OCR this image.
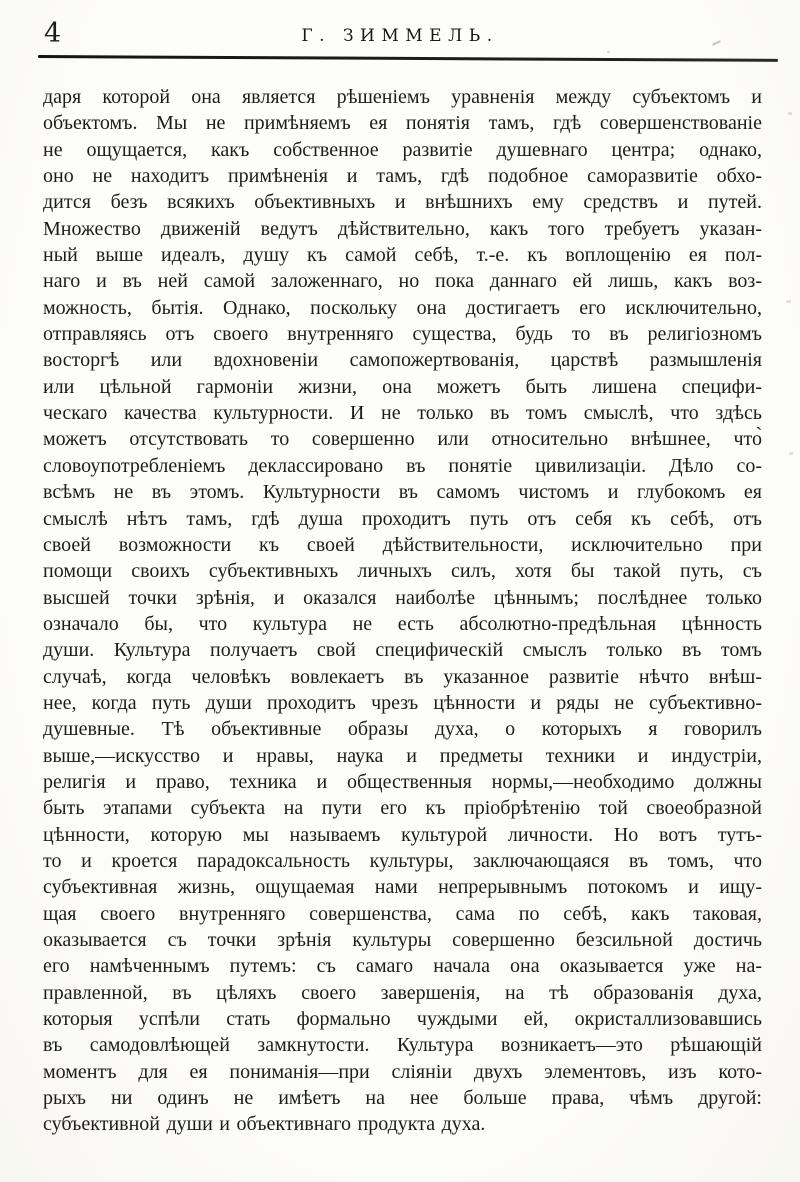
4	Г. ЗИММЕЛЬ.
даря которой она является рѣшеніемъ уравненія между субъектомъ и
объектомъ. Мы не примѣняемъ ея понятія тамъ, гдѣ совершенствованіе
не ощущается, какъ собственное развитіе душевнаго центра; однако,
оно не находитъ примѣненія и тамъ, гдѣ подобное саморазвитіе обхо-
дится безъ всякихъ объективныхъ и внѣшнихъ ему средствъ и путей.
Множество движеній ведутъ дѣйствительно, какъ того требуетъ указан-
ный выше идеалъ, душу къ самой себѣ, т.-е. къ воплощенію ея пол-
наго и въ ней самой заложеннаго, но пока даннаго ей лишь, какъ воз-
можность, бытія. Однако, поскольку она достигаетъ его исключительно,
отправляясь отъ своего внутренняго существа, будь то въ религіозномъ
восторгѣ или вдохновеніи самопожертвованія, царствѣ размышленія
или цѣльной гармоніи жизни, она можетъ быть лишена специфи-
ческаго качества культурности. И не только въ томъ смыслѣ, что здѣсь
можетъ отсутствовать то совершенно или относительно внѣшнее, что̀
словоупотребленіемъ деклассировано въ понятіе цивилизаціи. Дѣло со-
всѣмъ не въ этомъ. Культурности въ самомъ чистомъ и глубокомъ ея
смыслѣ нѣтъ тамъ, гдѣ душа проходитъ путь отъ себя къ себѣ, отъ
своей возможности къ своей дѣйствительности, исключительно при
помощи своихъ субъективныхъ личныхъ силъ, хотя бы такой путь, съ
высшей точки зрѣнія, и оказался наиболѣе цѣннымъ; послѣднее только
означало бы, что культура не есть абсолютно-предѣльная цѣнность
души. Культура получаетъ свой специфическій смыслъ только въ томъ
случаѣ, когда человѣкъ вовлекаетъ въ указанное развитіе нѣчто внѣш-
нее, когда путь души проходитъ чрезъ цѣнности и ряды не субъективно-
душевные. Тѣ объективные образы духа, о которыхъ я говорилъ
выше,—искусство и нравы, наука и предметы техники и индустріи,
религія и право, техника и общественныя нормы,—необходимо должны
быть этапами субъекта на пути его къ пріобрѣтенію той своеобразной
цѣнности, которую мы называемъ культурой личности. Но вотъ тутъ-
то и кроется парадоксальность культуры, заключающаяся въ томъ, что
субъективная жизнь, ощущаемая нами непрерывнымъ потокомъ и ищу-
щая своего внутренняго совершенства, сама по себѣ, какъ таковая,
оказывается съ точки зрѣнія культуры совершенно безсильной достичь
его намѣченнымъ путемъ: съ самаго начала она оказывается уже на-
правленной, въ цѣляхъ своего завершенія, на тѣ образованія духа,
которыя успѣли стать формально чуждыми ей, окристаллизовавшись
въ самодовлѣющей замкнутости. Культура возникаетъ—это рѣшающій
моментъ для ея пониманія—при сліяніи двухъ элементовъ, изъ кото-
рыхъ ни одинъ не имѣетъ на нее больше права, чѣмъ другой:
субъективной души и объективнаго продукта духа.
